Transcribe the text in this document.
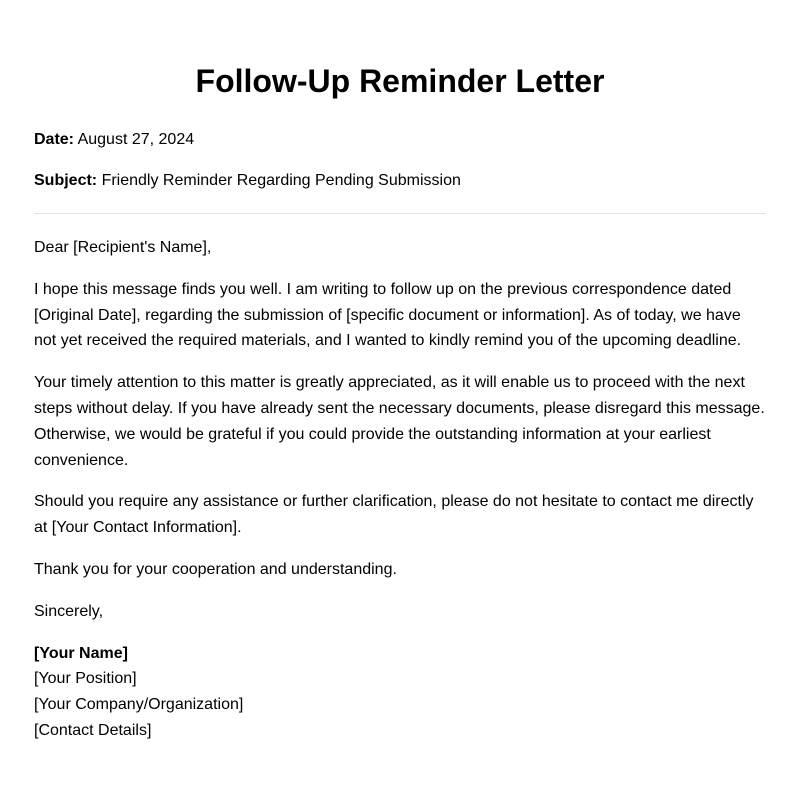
Follow-Up Reminder Letter
Date: August 27, 2024
Subject: Friendly Reminder Regarding Pending Submission

Dear [Recipient's Name],

I hope this message finds you well. I am writing to follow up on the previous correspondence dated [Original Date], regarding the submission of [specific document or information]. As of today, we have not yet received the required materials, and I wanted to kindly remind you of the upcoming deadline.

Your timely attention to this matter is greatly appreciated, as it will enable us to proceed with the next steps without delay. If you have already sent the necessary documents, please disregard this message. Otherwise, we would be grateful if you could provide the outstanding information at your earliest convenience.

Should you require any assistance or further clarification, please do not hesitate to contact me directly at [Your Contact Information].

Thank you for your cooperation and understanding.

Sincerely,

[Your Name]
[Your Position]
[Your Company/Organization]
[Contact Details]
